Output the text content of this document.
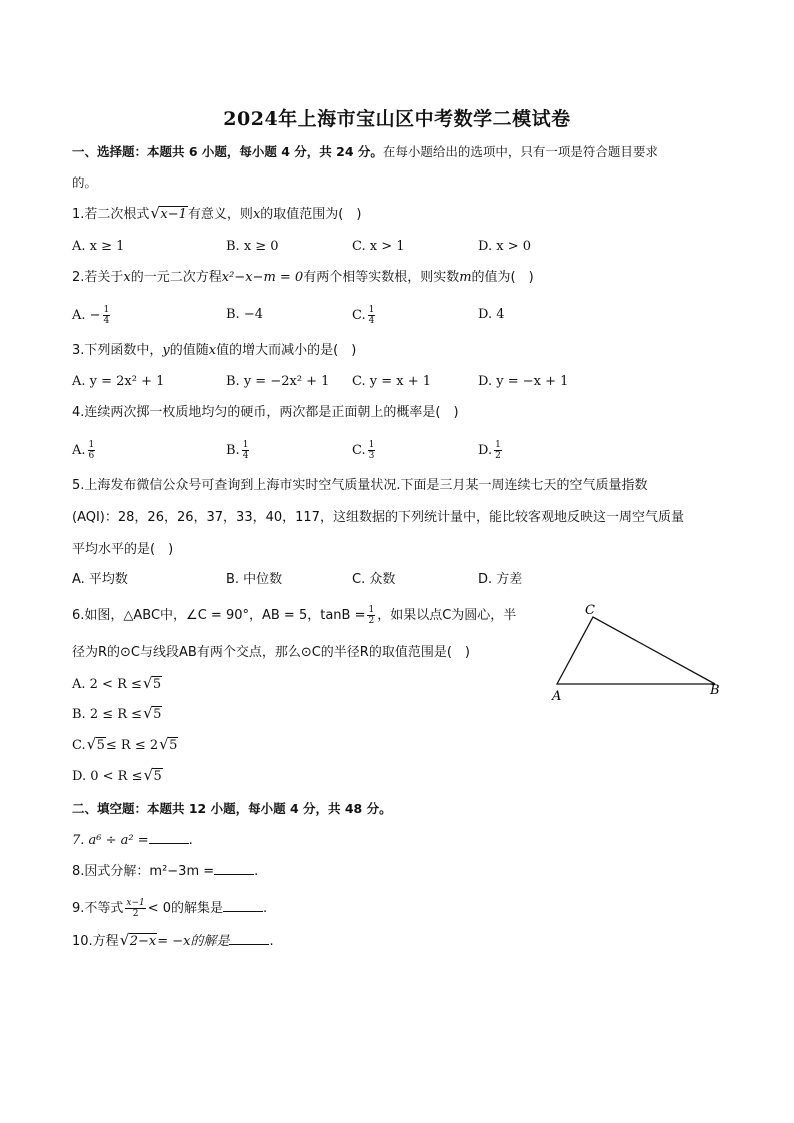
2024年上海市宝山区中考数学二模试卷
一、选择题：本题共 6 小题，每小题 4 分，共 24 分。在每小题给出的选项中，只有一项是符合题目要求
的。
1.若二次根式 √ x−1有意义，则x的取值范围为(　)
A. x ≥ 1	B. x ≥ 0	C. x > 1	D. x > 0
2.若关于x的一元二次方程x²−x−m = 0有两个相等实数根，则实数m的值为(　)
A. − $\frac{1}{4}$	B. −4	C. $\frac{1}{4}$	D. 4
3.下列函数中，y的值随x值的增大而减小的是(　)
A. y = 2x² + 1	B. y = −2x² + 1 C. y = x + 1	D. y = −x + 1
4.连续两次掷一枚质地均匀的硬币，两次都是正面朝上的概率是(　)
A. $\frac{1}{6}$	B. $\frac{1}{4}$	C. $\frac{1}{3}$	D. $\frac{1}{2}$
5.上海发布微信公众号可查询到上海市实时空气质量状况.下面是三月某一周连续七天的空气质量指数
(AQI)：28，26，26，37，33，40，117，这组数据的下列统计量中，能比较客观地反映这一周空气质量
平均水平的是(　)
A. 平均数	B. 中位数	C. 众数	D. 方差
6.如图，△ABC中，∠C = 90°，AB = 5，$\tan B = \frac{1}{2}$ ，如果以点C为圆心，半
径为R的⊙C与线段AB有两个交点，那么⊙C的半径R的取值范围是(　)
A. 2 < R ≤ √ 5
B. 2 ≤ R ≤ √ 5
C. √ 5≤ R ≤ 2 √ 5
D. 0 < R ≤ √ 5
C
A	B
二、填空题：本题共 12 小题，每小题 4 分，共 48 分。
7. a⁶ ÷ a² =	.
8.因式分解：m²−3m =	.
9.不等式 $\frac{x-1}{2} < 0$的解集是	.
10.方程 √ 2−x= −x的解是	.
